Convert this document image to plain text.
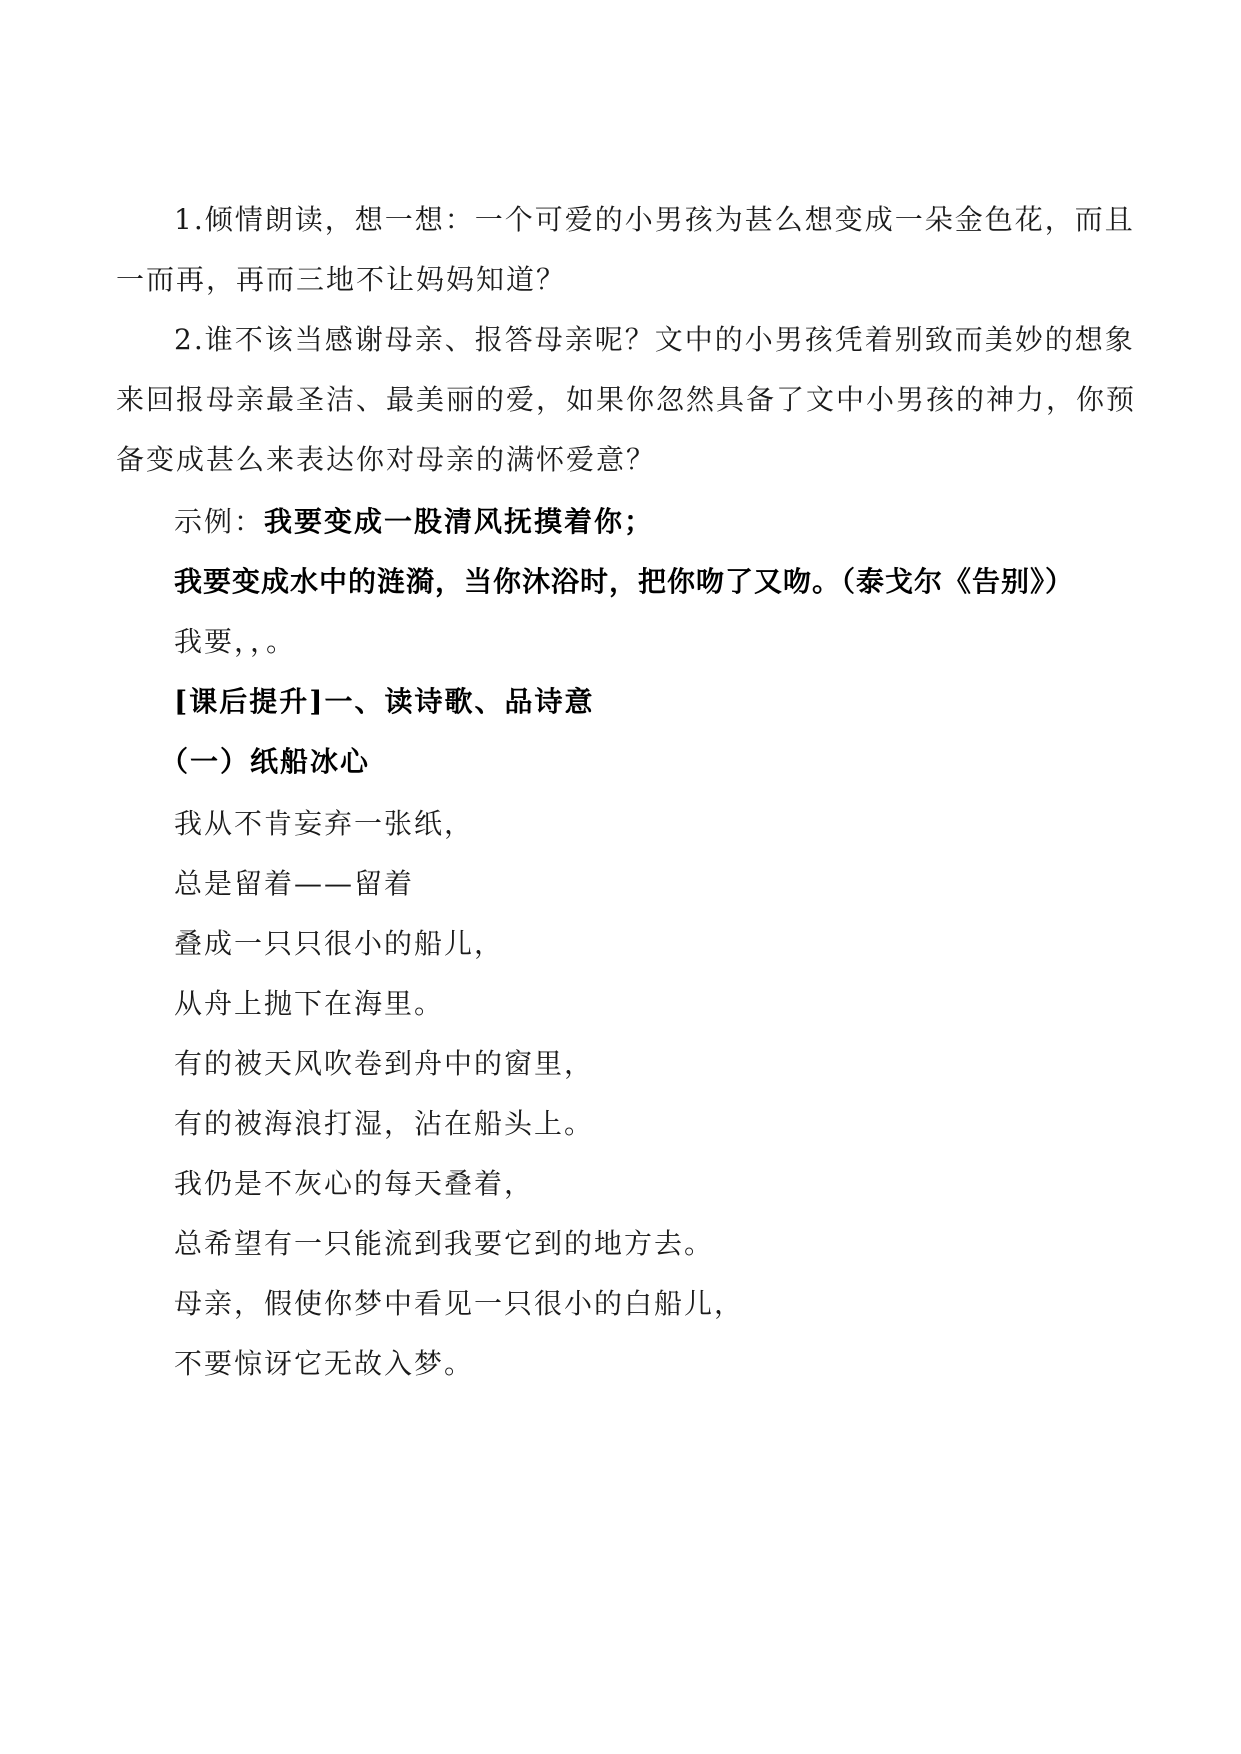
1.倾情朗读，想一想：一个可爱的小男孩为甚么想变成一朵金色花，而且
一而再，再而三地不让妈妈知道？
2.谁不该当感谢母亲、报答母亲呢？文中的小男孩凭着别致而美妙的想象
来回报母亲最圣洁、最美丽的爱，如果你忽然具备了文中小男孩的神力，你预
备变成甚么来表达你对母亲的满怀爱意？
示例：我要变成一股清风抚摸着你；
我要变成水中的涟漪，当你沐浴时，把你吻了又吻。（泰戈尔《告别》）
我要，，。
[课后提升]一、读诗歌、品诗意
（一）纸船冰心
我从不肯妄弃一张纸，
总是留着——留着
叠成一只只很小的船儿，
从舟上抛下在海里。
有的被天风吹卷到舟中的窗里，
有的被海浪打湿，沾在船头上。
我仍是不灰心的每天叠着，
总希望有一只能流到我要它到的地方去。
母亲，假使你梦中看见一只很小的白船儿，
不要惊讶它无故入梦。
